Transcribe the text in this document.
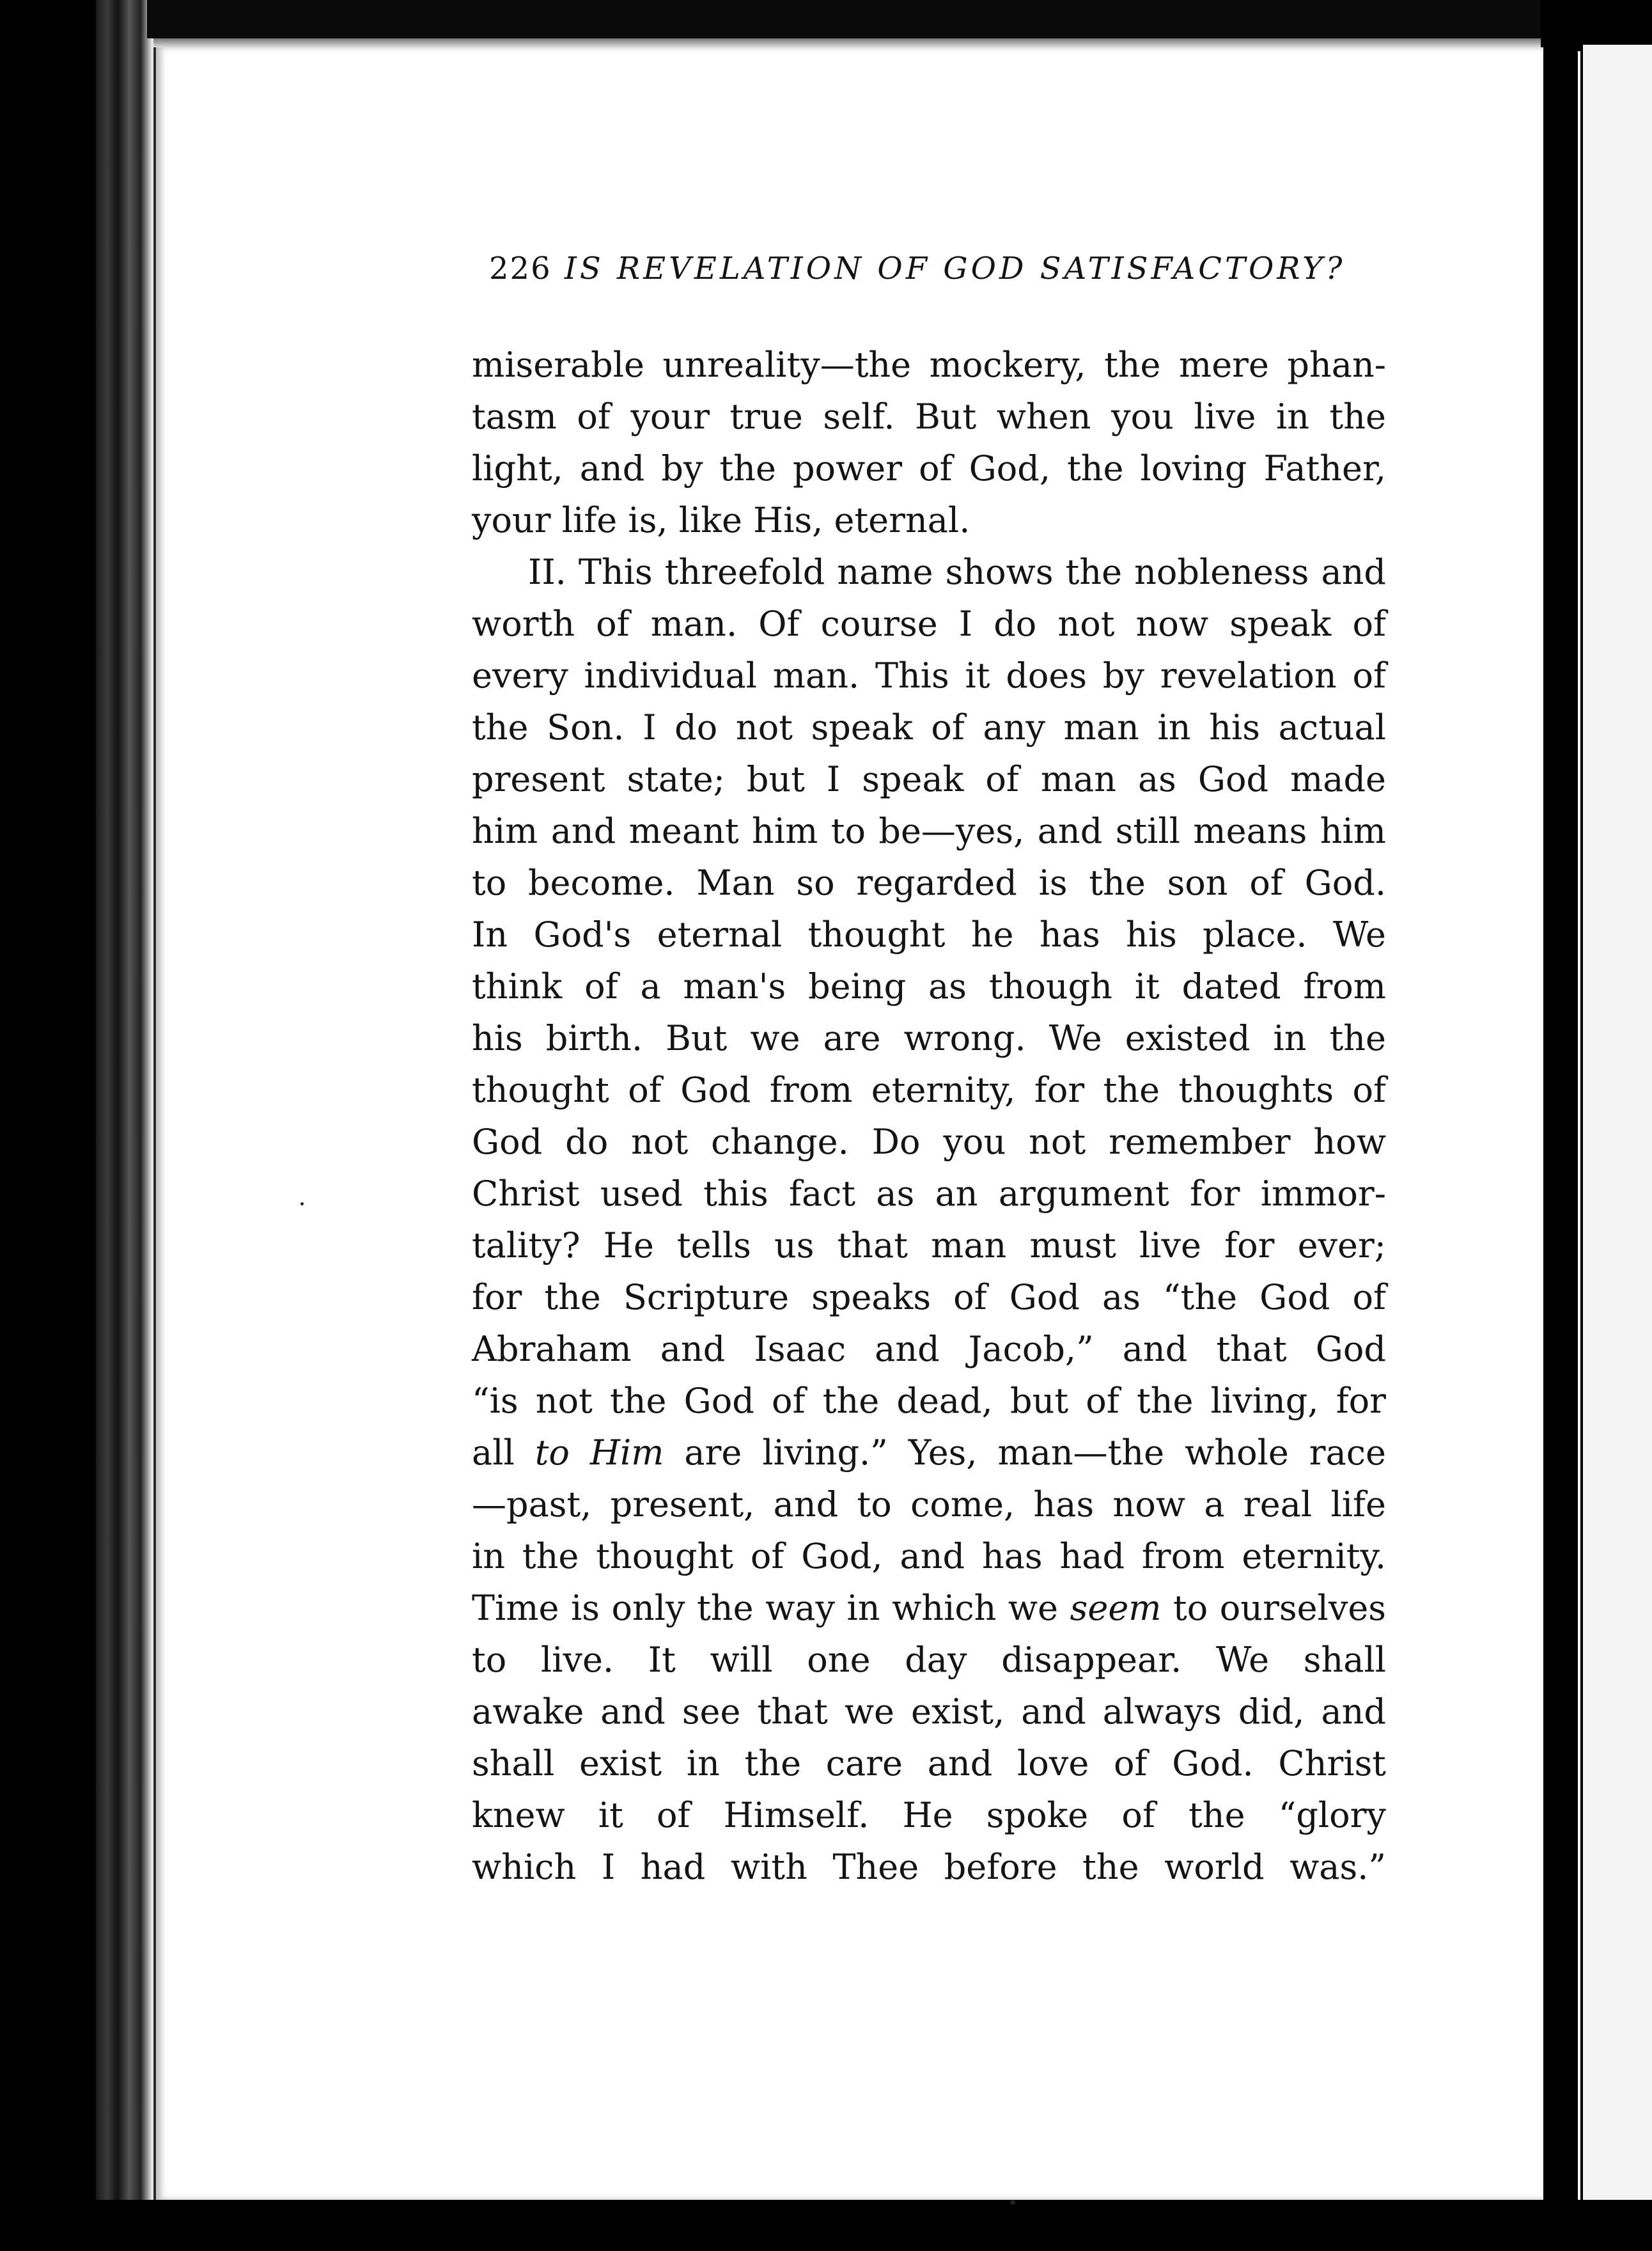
226 IS REVELATION OF GOD SATISFACTORY?
miserable unreality—the mockery, the mere phan-
tasm of your true self. But when you live in the
light, and by the power of God, the loving Father,
your life is, like His, eternal.
II. This threefold name shows the nobleness and
worth of man. Of course I do not now speak of
every individual man. This it does by revelation of
the Son. I do not speak of any man in his actual
present state; but I speak of man as God made
him and meant him to be—yes, and still means him
to become. Man so regarded is the son of God.
In God's eternal thought he has his place. We
think of a man's being as though it dated from
his birth. But we are wrong. We existed in the
thought of God from eternity, for the thoughts of
God do not change. Do you not remember how
Christ used this fact as an argument for immor-
tality? He tells us that man must live for ever;
for the Scripture speaks of God as “the God of
Abraham and Isaac and Jacob,” and that God
“is not the God of the dead, but of the living, for
all to Him are living.” Yes, man—the whole race
—past, present, and to come, has now a real life
in the thought of God, and has had from eternity.
Time is only the way in which we seem to ourselves
to live. It will one day disappear. We shall
awake and see that we exist, and always did, and
shall exist in the care and love of God. Christ
knew it of Himself. He spoke of the “glory
which I had with Thee before the world was.”
